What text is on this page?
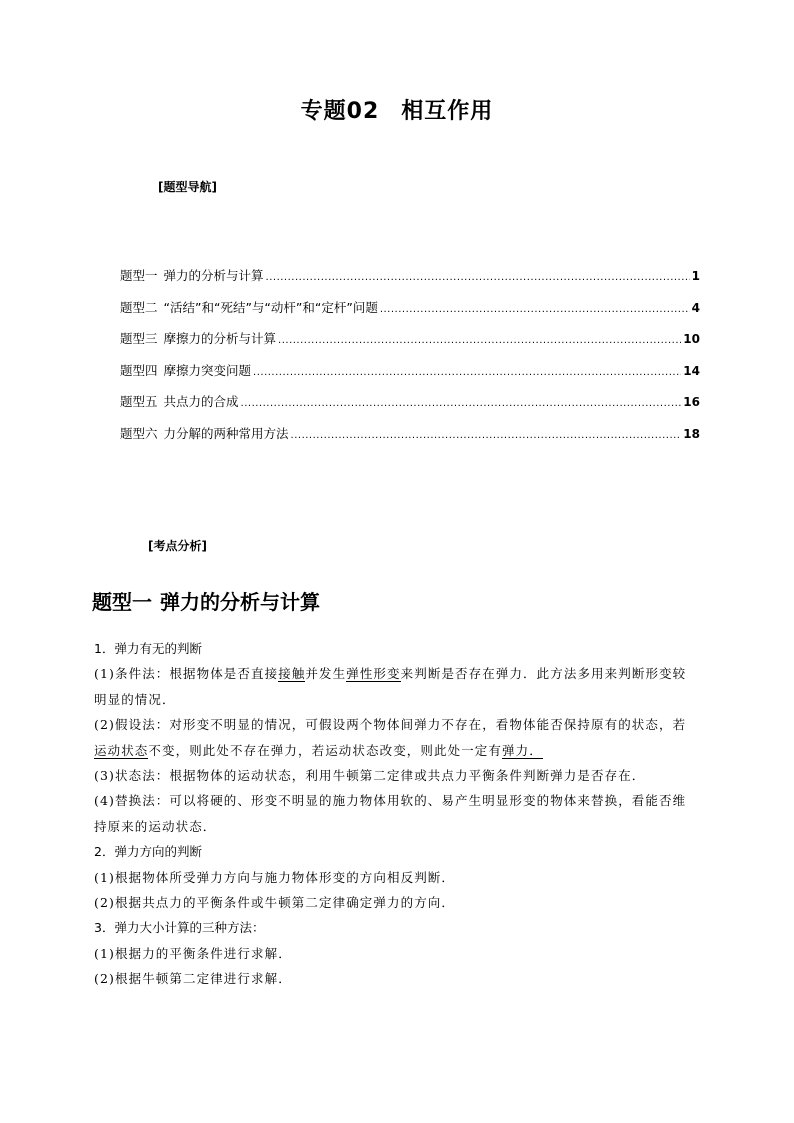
专题02 相互作用
[题型导航]
题型一 弹力的分析与计算 .....	1
题型二 “活结”和“死结”与“动杆”和“定杆”问题 .....	4
题型三 摩擦力的分析与计算 .....	10
题型四 摩擦力突变问题 .....	14
题型五 共点力的合成 .....	16
题型六 力分解的两种常用方法 .....	18
[考点分析]
题型一 弹力的分析与计算

1．弹力有无的判断

(1)条件法：根据物体是否直接接触并发生弹性形变来判断是否存在弹力．此方法多用来判断形变较

明显的情况．

(2)假设法：对形变不明显的情况，可假设两个物体间弹力不存在，看物体能否保持原有的状态，若

运动状态不变，则此处不存在弹力，若运动状态改变，则此处一定有弹力．

(3)状态法：根据物体的运动状态，利用牛顿第二定律或共点力平衡条件判断弹力是否存在．

(4)替换法：可以将硬的、形变不明显的施力物体用软的、易产生明显形变的物体来替换，看能否维

持原来的运动状态．

2．弹力方向的判断

(1)根据物体所受弹力方向与施力物体形变的方向相反判断．

(2)根据共点力的平衡条件或牛顿第二定律确定弹力的方向．

3．弹力大小计算的三种方法：

(1)根据力的平衡条件进行求解．

(2)根据牛顿第二定律进行求解．
